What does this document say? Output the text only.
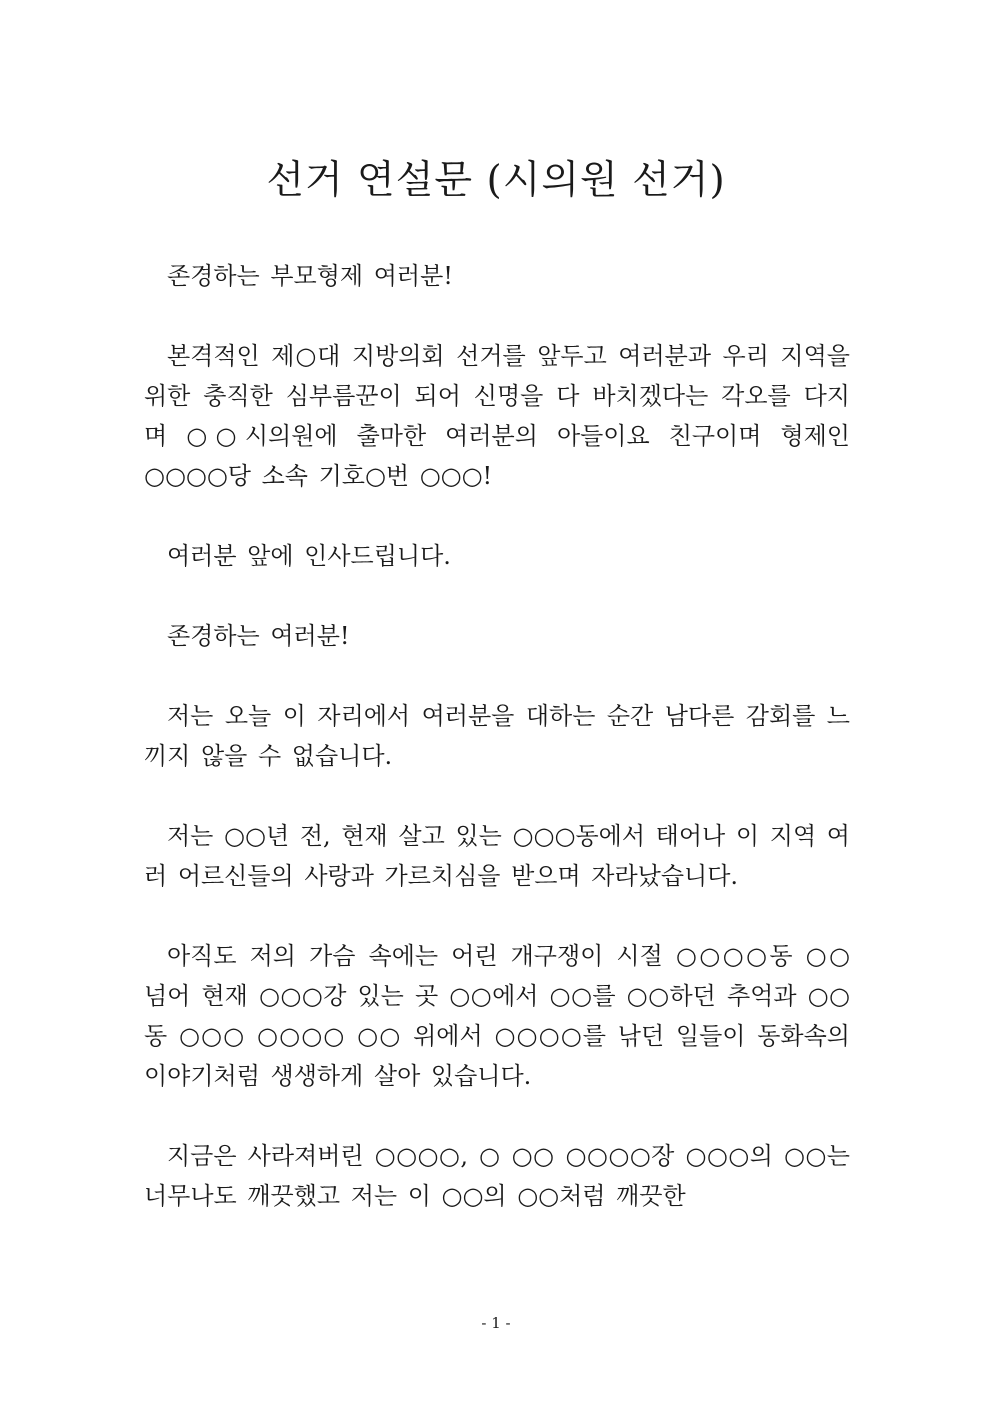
선거 연설문 (시의원 선거)

존경하는 부모형제 여러분!

본격적인 제○대 지방의회 선거를 앞두고 여러분과 우리 지역을 위한 충직한 심부름꾼이 되어 신명을 다 바치겠다는 각오를 다지며 ○○시의원에 출마한 여러분의 아들이요 친구이며 형제인 ○○○○당 소속 기호○번 ○○○!

여러분 앞에 인사드립니다.

존경하는 여러분!

저는 오늘 이 자리에서 여러분을 대하는 순간 남다른 감회를 느끼지 않을 수 없습니다.

저는 ○○년 전, 현재 살고 있는 ○○○동에서 태어나 이 지역 여러 어르신들의 사랑과 가르치심을 받으며 자라났습니다.

아직도 저의 가슴 속에는 어린 개구쟁이 시절 ○○○○동 ○○ 넘어 현재 ○○○강 있는 곳 ○○에서 ○○를 ○○하던 추억과 ○○동 ○○○ ○○○○ ○○ 위에서 ○○○○를 낚던 일들이 동화속의 이야기처럼 생생하게 살아 있습니다.

지금은 사라져버린 ○○○○, ○ ○○ ○○○○장 ○○○의 ○○는 너무나도 깨끗했고 저는 이 ○○의 ○○처럼 깨끗한

- 1 -
